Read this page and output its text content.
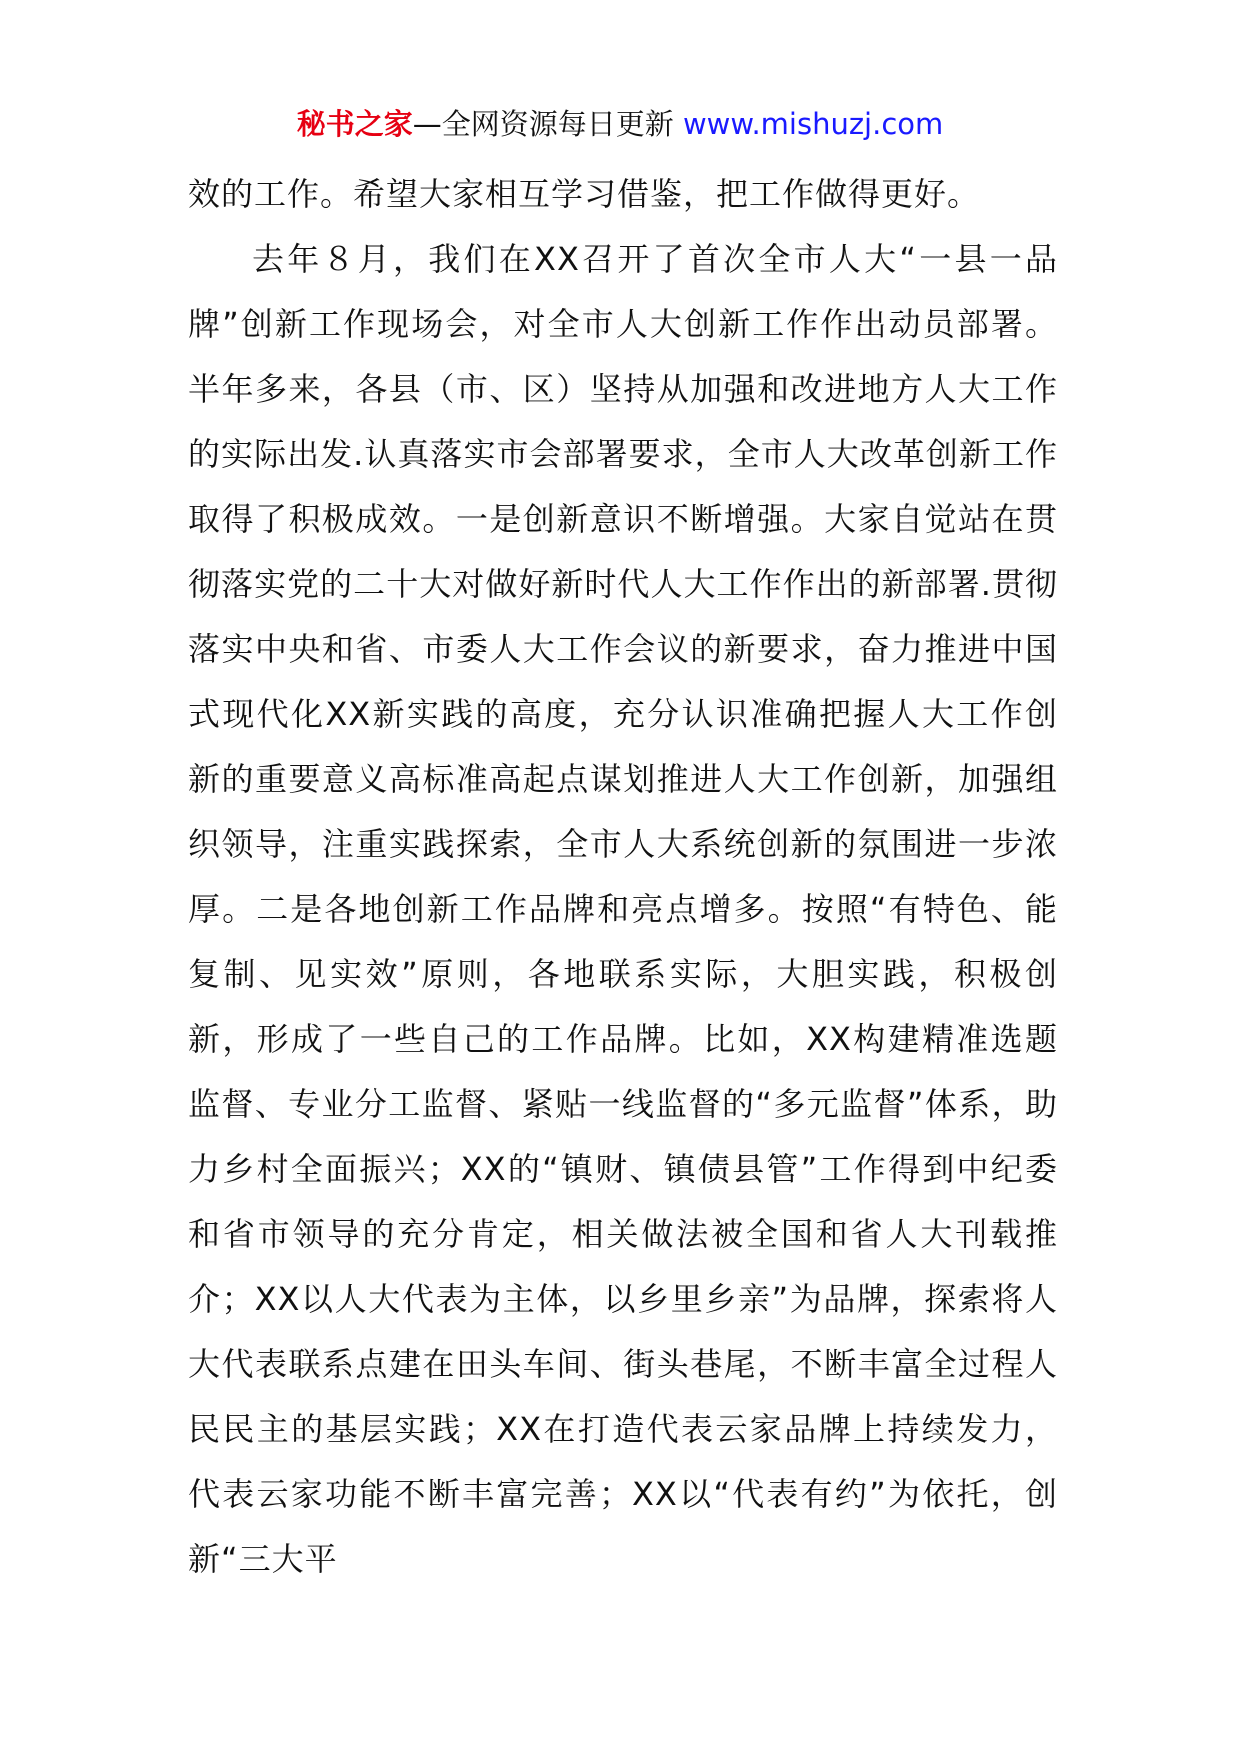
秘书之家—全网资源每日更新 www.mishuzj.com

效的工作。希望大家相互学习借鉴，把工作做得更好。

去年８月，我们在XX召开了首次全市人大“一县一品牌”创新工作现场会，对全市人大创新工作作出动员部署。半年多来，各县（市、区）坚持从加强和改进地方人大工作的实际出发.认真落实市会部署要求，全市人大改革创新工作取得了积极成效。一是创新意识不断增强。大家自觉站在贯彻落实党的二十大对做好新时代人大工作作出的新部署.贯彻落实中央和省、市委人大工作会议的新要求，奋力推进中国式现代化XX新实践的高度，充分认识准确把握人大工作创新的重要意义高标准高起点谋划推进人大工作创新，加强组织领导，注重实践探索，全市人大系统创新的氛围进一步浓厚。二是各地创新工作品牌和亮点增多。按照“有特色、能复制、见实效”原则，各地联系实际，大胆实践，积极创新，形成了一些自己的工作品牌。比如，XX构建精准选题监督、专业分工监督、紧贴一线监督的“多元监督”体系，助力乡村全面振兴；XX的“镇财、镇债县管”工作得到中纪委和省市领导的充分肯定，相关做法被全国和省人大刊载推介；XX以人大代表为主体，以乡里乡亲”为品牌，探索将人大代表联系点建在田头车间、街头巷尾，不断丰富全过程人民民主的基层实践；XX在打造代表云家品牌上持续发力，代表云家功能不断丰富完善；XX以“代表有约”为依托，创新“三大平
